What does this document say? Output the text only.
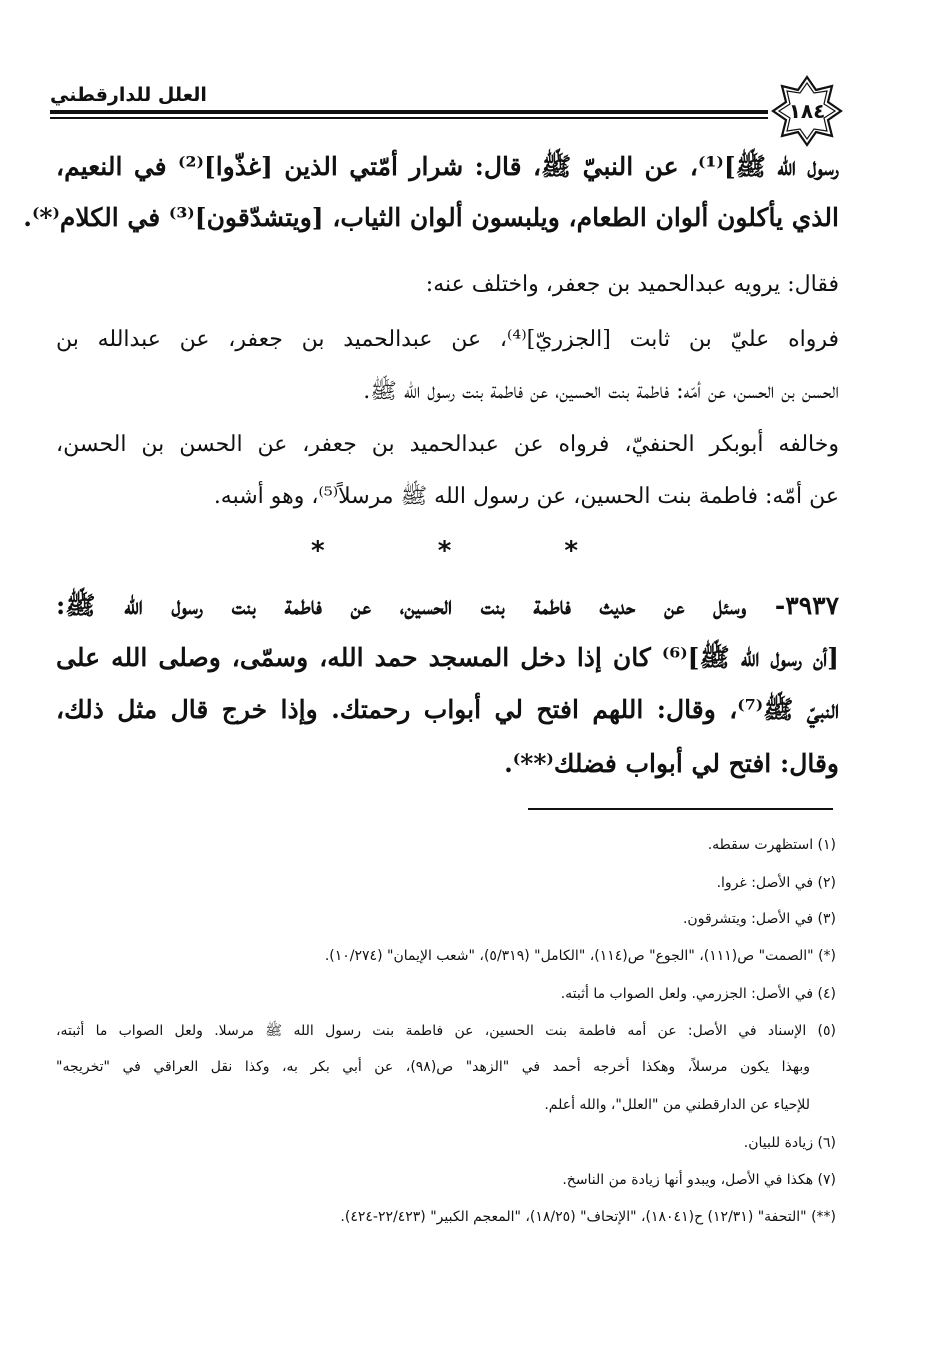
العلل للدارقطني
١٨٤
رسول الله ﷺ]⁽¹⁾، عن النبيّ ﷺ، قال: شرار أمّتي الذين [غذّوا]⁽²⁾ في النعيم،
الذي يأكلون ألوان الطعام، ويلبسون ألوان الثياب، [ويتشدّقون]⁽³⁾ في الكلام⁽*⁾.
فقال: يرويه عبدالحميد بن جعفر، واختلف عنه:
فرواه عليّ بن ثابت [الجزريّ]⁽⁴⁾، عن عبدالحميد بن جعفر، عن عبدالله بن
الحسن بن الحسن، عن أمّه: فاطمة بنت الحسين، عن فاطمة بنت رسول الله ﷺ.
وخالفه أبوبكر الحنفيّ، فرواه عن عبدالحميد بن جعفر، عن الحسن بن الحسن،
عن أمّه: فاطمة بنت الحسين، عن رسول الله ﷺ مرسلاً⁽⁵⁾، وهو أشبه.
* * *
٣٩٣٧- وسئل عن حديث فاطمة بنت الحسين، عن فاطمة بنت رسول الله ﷺ:
[أن رسول الله ﷺ]⁽⁶⁾ كان إذا دخل المسجد حمد الله، وسمّى، وصلى الله على
النبيّ ﷺ⁽⁷⁾، وقال: اللهم افتح لي أبواب رحمتك. وإذا خرج قال مثل ذلك،
وقال: افتح لي أبواب فضلك⁽**⁾.
(١) استظهرت سقطه.
(٢) في الأصل: غروا.
(٣) في الأصل: ويتشرقون.
(*) "الصمت" ص(١١١)، "الجوع" ص(١١٤)، "الكامل" (٥/٣١٩)، "شعب الإيمان" (١٠/٢٧٤).
(٤) في الأصل: الجزرمي. ولعل الصواب ما أثبته.
(٥) الإسناد في الأصل: عن أمه فاطمة بنت الحسين، عن فاطمة بنت رسول الله ﷺ مرسلا. ولعل الصواب ما أثبته،
وبهذا يكون مرسلاً، وهكذا أخرجه أحمد في "الزهد" ص(٩٨)، عن أبي بكر به، وكذا نقل العراقي في "تخريجه"
للإحياء عن الدارقطني من "العلل"، والله أعلم.
(٦) زيادة للبيان.
(٧) هكذا في الأصل، ويبدو أنها زيادة من الناسخ.
(**) "التحفة" (١٢/٣١) ح(١٨٠٤١)، "الإتحاف" (١٨/٢٥)، "المعجم الكبير" (٢٢/٤٢٣-٤٢٤).
